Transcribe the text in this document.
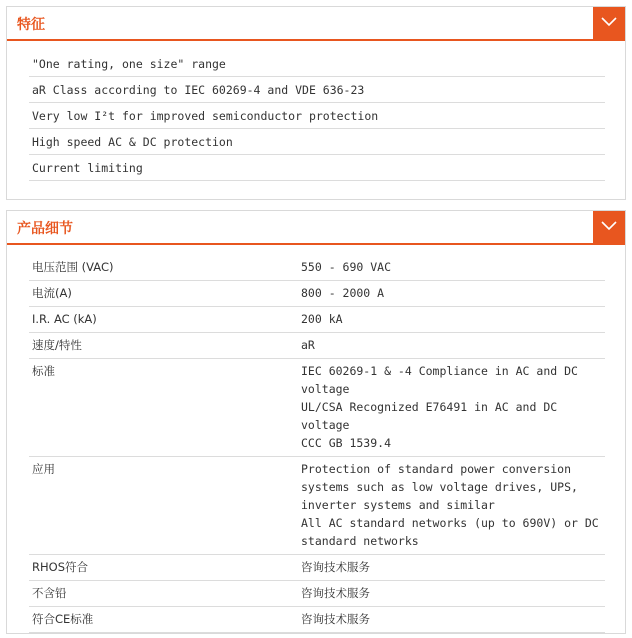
特征
"One rating, one size" range
aR Class according to IEC 60269-4 and VDE 636-23
Very low I²t for improved semiconductor protection
High speed AC & DC protection
Current limiting
产品细节
电压范围 (VAC)	550 - 690 VAC
电流(A)	800 - 2000 A
I.R. AC (kA)	200 kA
速度/特性	aR
标准	IEC 60269-1 & -4 Compliance in AC and DC
voltage
UL/CSA Recognized E76491 in AC and DC voltage
CCC GB 1539.4
应用	Protection of standard power conversion
systems such as low voltage drives, UPS,
inverter systems and similar
All AC standard networks (up to 690V) or DC
standard networks
RHOS符合	咨询技术服务
不含铅	咨询技术服务
符合CE标准	咨询技术服务
